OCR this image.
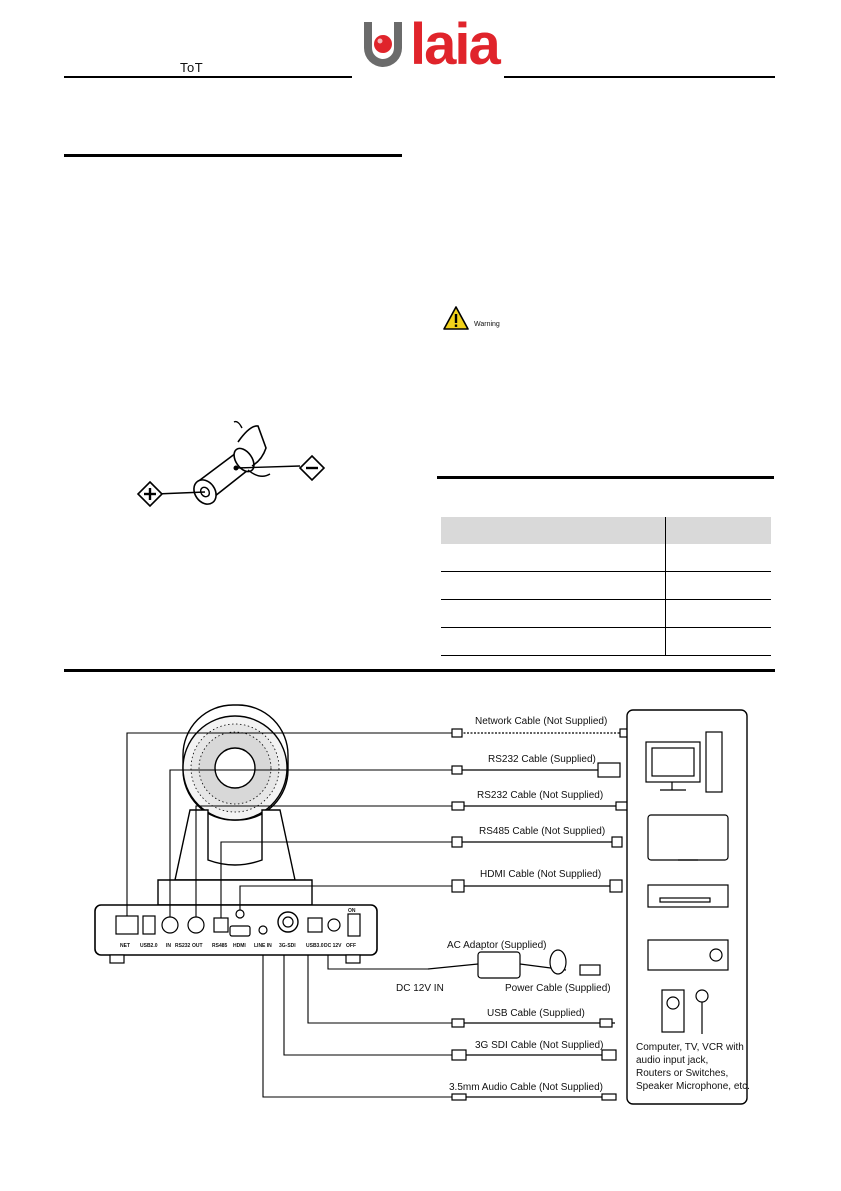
ToT	laia
Warning

NET USB2.0 IN RS232 OUT RS485 HDMI LINE IN 3G-SDI USB3.0 DC 12V OFF
ON
Network Cable (Not Supplied)
RS232 Cable (Supplied)
RS232 Cable (Not Supplied)
RS485 Cable (Not Supplied)
HDMI Cable (Not Supplied)
AC Adaptor (Supplied)
DC 12V IN	Power Cable (Supplied)
USB Cable (Supplied)
3G SDI Cable (Not Supplied)
3.5mm Audio Cable (Not Supplied)
Computer, TV, VCR with
audio input jack,
Routers or Switches,
Speaker Microphone, etc.
